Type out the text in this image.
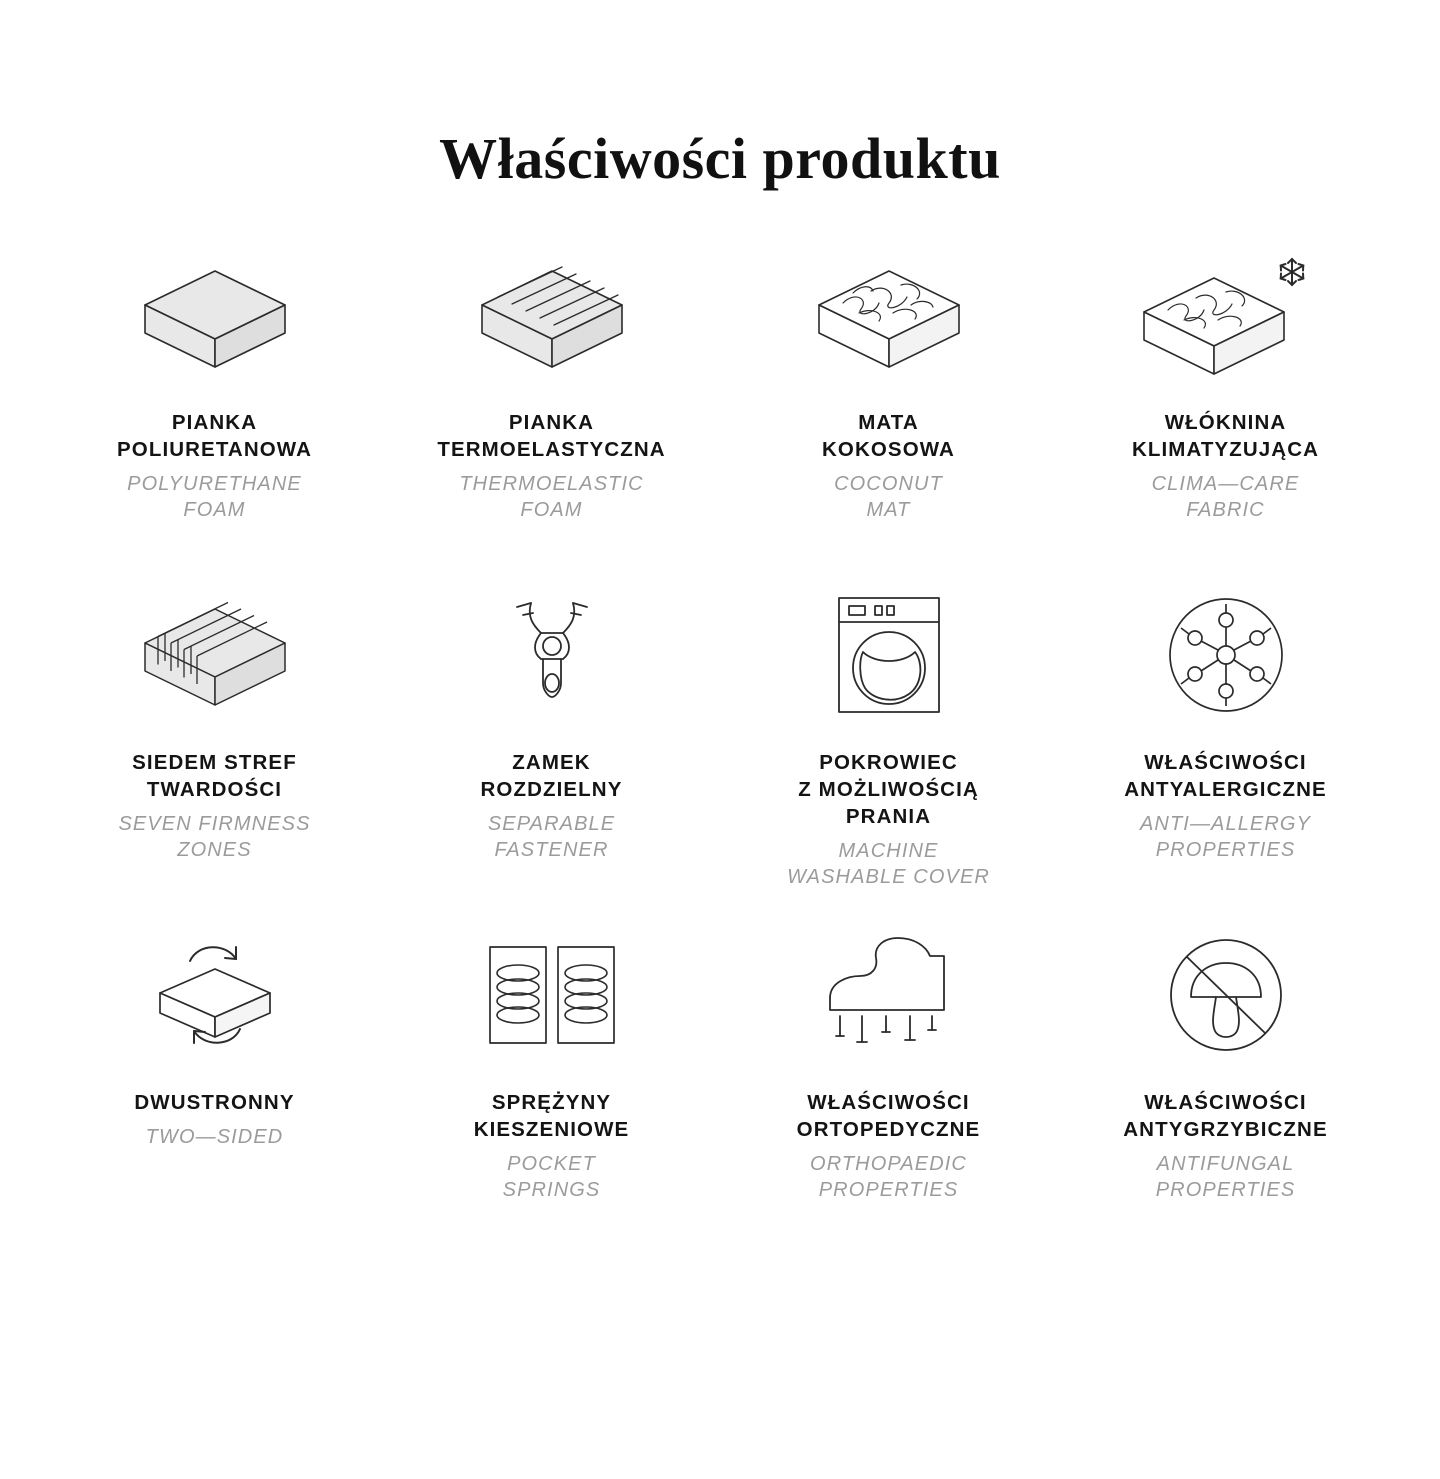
Właściwości produktu
PIANKA
POLIURETANOWA
POLYURETHANE
FOAM
PIANKA
TERMOELASTYCZNA
THERMOELASTIC
FOAM
MATA
KOKOSOWA
COCONUT
MAT
WŁÓKNINA
KLIMATYZUJĄCA
CLIMA—CARE
FABRIC
SIEDEM STREF
TWARDOŚCI
SEVEN FIRMNESS
ZONES
ZAMEK
ROZDZIELNY
SEPARABLE
FASTENER
POKROWIEC
Z MOŻLIWOŚCIĄ
PRANIA
MACHINE
WASHABLE COVER
WŁAŚCIWOŚCI
ANTYALERGICZNE
ANTI—ALLERGY
PROPERTIES
DWUSTRONNY
TWO—SIDED
SPRĘŻYNY
KIESZENIOWE
POCKET
SPRINGS
WŁAŚCIWOŚCI
ORTOPEDYCZNE
ORTHOPAEDIC
PROPERTIES
WŁAŚCIWOŚCI
ANTYGRZYBICZNE
ANTIFUNGAL
PROPERTIES
